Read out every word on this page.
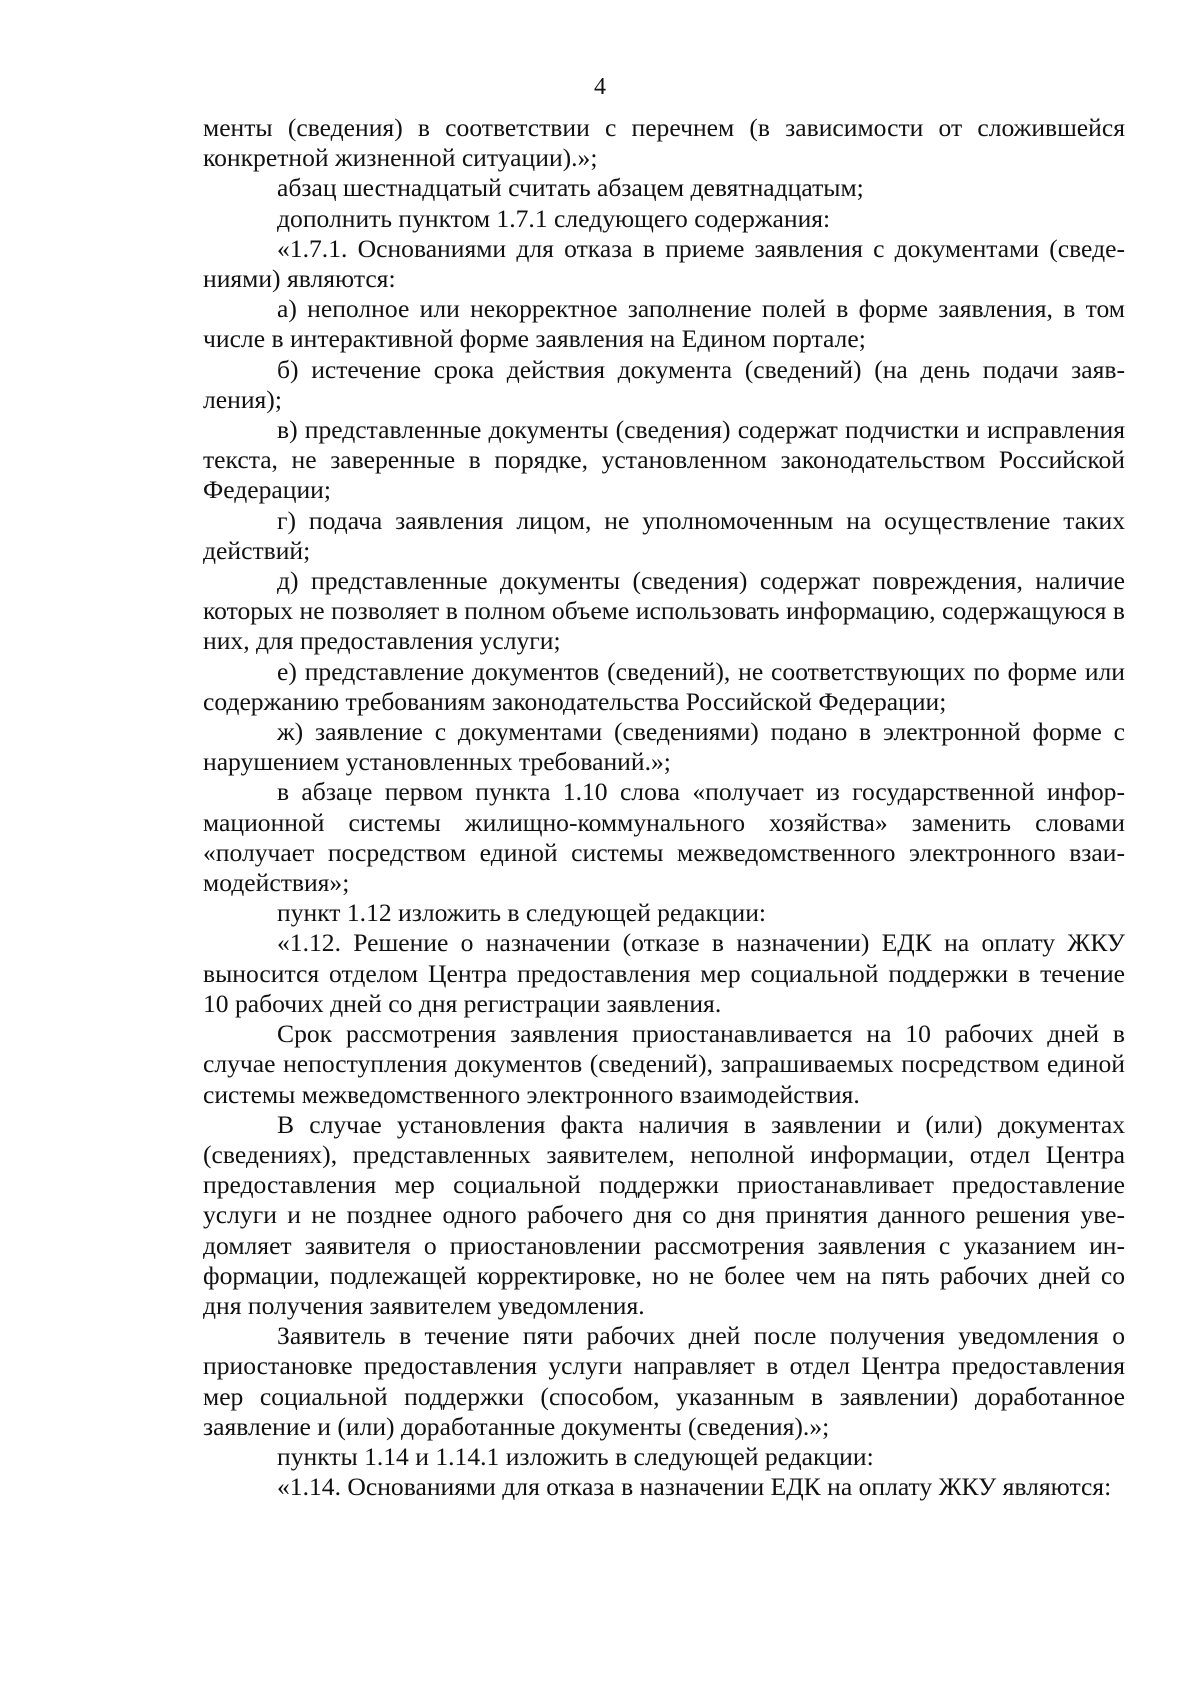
4

менты (сведения) в соответствии с перечнем (в зависимости от сложившейся конкретной жизненной ситуации).»;

абзац шестнадцатый считать абзацем девятнадцатым;

дополнить пунктом 1.7.1 следующего содержания:

«1.7.1. Основаниями для отказа в приеме заявления с документами (сведениями) являются:

а) неполное или некорректное заполнение полей в форме заявления, в том числе в интерактивной форме заявления на Едином портале;

б) истечение срока действия документа (сведений) (на день подачи заявления);

в) представленные документы (сведения) содержат подчистки и исправления текста, не заверенные в порядке, установленном законодательством Российской Федерации;

г) подача заявления лицом, не уполномоченным на осуществление таких действий;

д) представленные документы (сведения) содержат повреждения, наличие которых не позволяет в полном объеме использовать информацию, содержащуюся в них, для предоставления услуги;

е) представление документов (сведений), не соответствующих по форме или содержанию требованиям законодательства Российской Федерации;

ж) заявление с документами (сведениями) подано в электронной форме с нарушением установленных требований.»;

в абзаце первом пункта 1.10 слова «получает из государственной информационной системы жилищно-коммунального хозяйства» заменить словами «получает посредством единой системы межведомственного электронного взаимодействия»;

пункт 1.12 изложить в следующей редакции:

«1.12. Решение о назначении (отказе в назначении) ЕДК на оплату ЖКУ выносится отделом Центра предоставления мер социальной поддержки в течение 10 рабочих дней со дня регистрации заявления.

Срок рассмотрения заявления приостанавливается на 10 рабочих дней в случае непоступления документов (сведений), запрашиваемых посредством единой системы межведомственного электронного взаимодействия.

В случае установления факта наличия в заявлении и (или) документах (сведениях), представленных заявителем, неполной информации, отдел Центра предоставления мер социальной поддержки приостанавливает предоставление услуги и не позднее одного рабочего дня со дня принятия данного решения уведомляет заявителя о приостановлении рассмотрения заявления с указанием информации, подлежащей корректировке, но не более чем на пять рабочих дней со дня получения заявителем уведомления.

Заявитель в течение пяти рабочих дней после получения уведомления о приостановке предоставления услуги направляет в отдел Центра предоставления мер социальной поддержки (способом, указанным в заявлении) доработанное заявление и (или) доработанные документы (сведения).»;

пункты 1.14 и 1.14.1 изложить в следующей редакции:

«1.14. Основаниями для отказа в назначении ЕДК на оплату ЖКУ являются:
